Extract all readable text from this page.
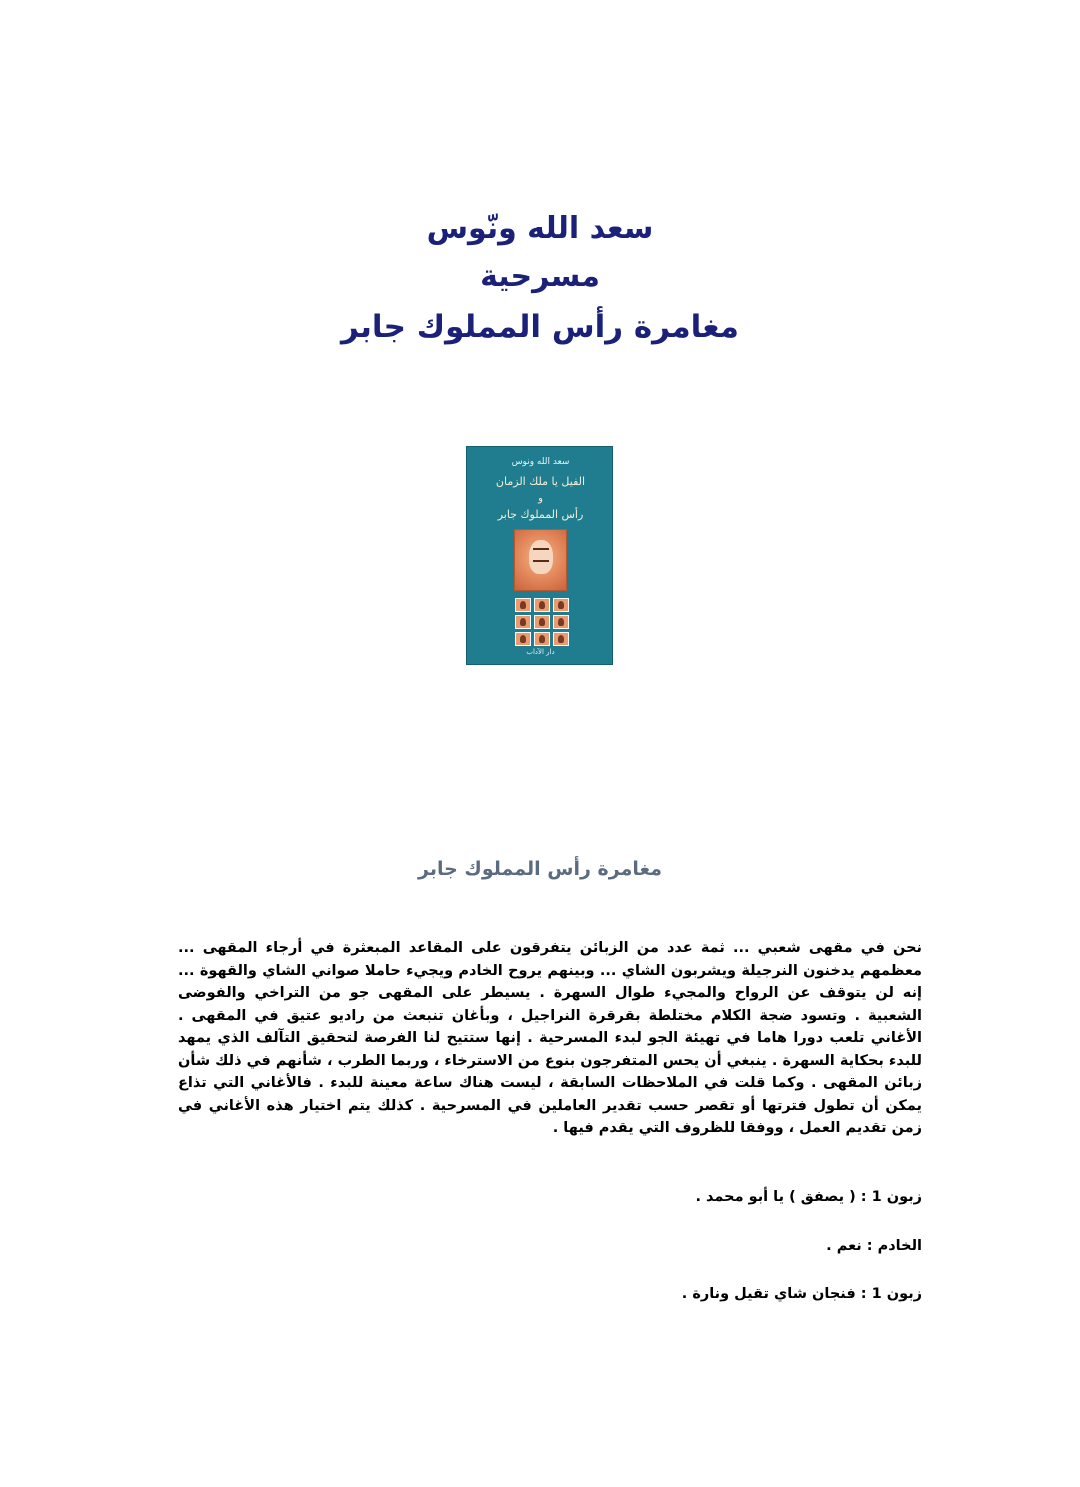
سعد الله ونّوس

مسرحية

مغامرة رأس المملوك جابر

سعد الله ونوس
الفيل يا ملك الزمان
و
رأس المملوك جابر
دار الآداب
مغامرة رأس المملوك جابر

نحن في مقهى شعبي ... ثمة عدد من الزبائن يتفرقون على المقاعد المبعثرة في أرجاء المقهى ... معظمهم يدخنون النرجيلة ويشربون الشاي ... وبينهم يروح الخادم ويجيء حاملا صواني الشاي والقهوة ... إنه لن يتوقف عن الرواح والمجيء طوال السهرة . يسيطر على المقهى جو من التراخي والفوضى الشعبية . وتسود ضجة الكلام مختلطة بقرقرة النراجيل ، وبأغان تنبعث من راديو عتيق في المقهى . الأغاني تلعب دورا هاما في تهيئة الجو لبدء المسرحية . إنها ستتيح لنا الفرصة لتحقيق التآلف الذي يمهد للبدء بحكاية السهرة . ينبغي أن يحس المتفرجون بنوع من الاسترخاء ، وربما الطرب ، شأنهم في ذلك شأن زبائن المقهى . وكما قلت في الملاحظات السابقة ، ليست هناك ساعة معينة للبدء . فالأغاني التي تذاع يمكن أن تطول فترتها أو تقصر حسب تقدير العاملين في المسرحية . كذلك يتم اختيار هذه الأغاني في زمن تقديم العمل ، ووفقا للظروف التي يقدم فيها .

زبون 1 : ( يصفق ) يا أبو محمد .

الخادم : نعم .

زبون 1 : فنجان شاي تقيل ونارة .
